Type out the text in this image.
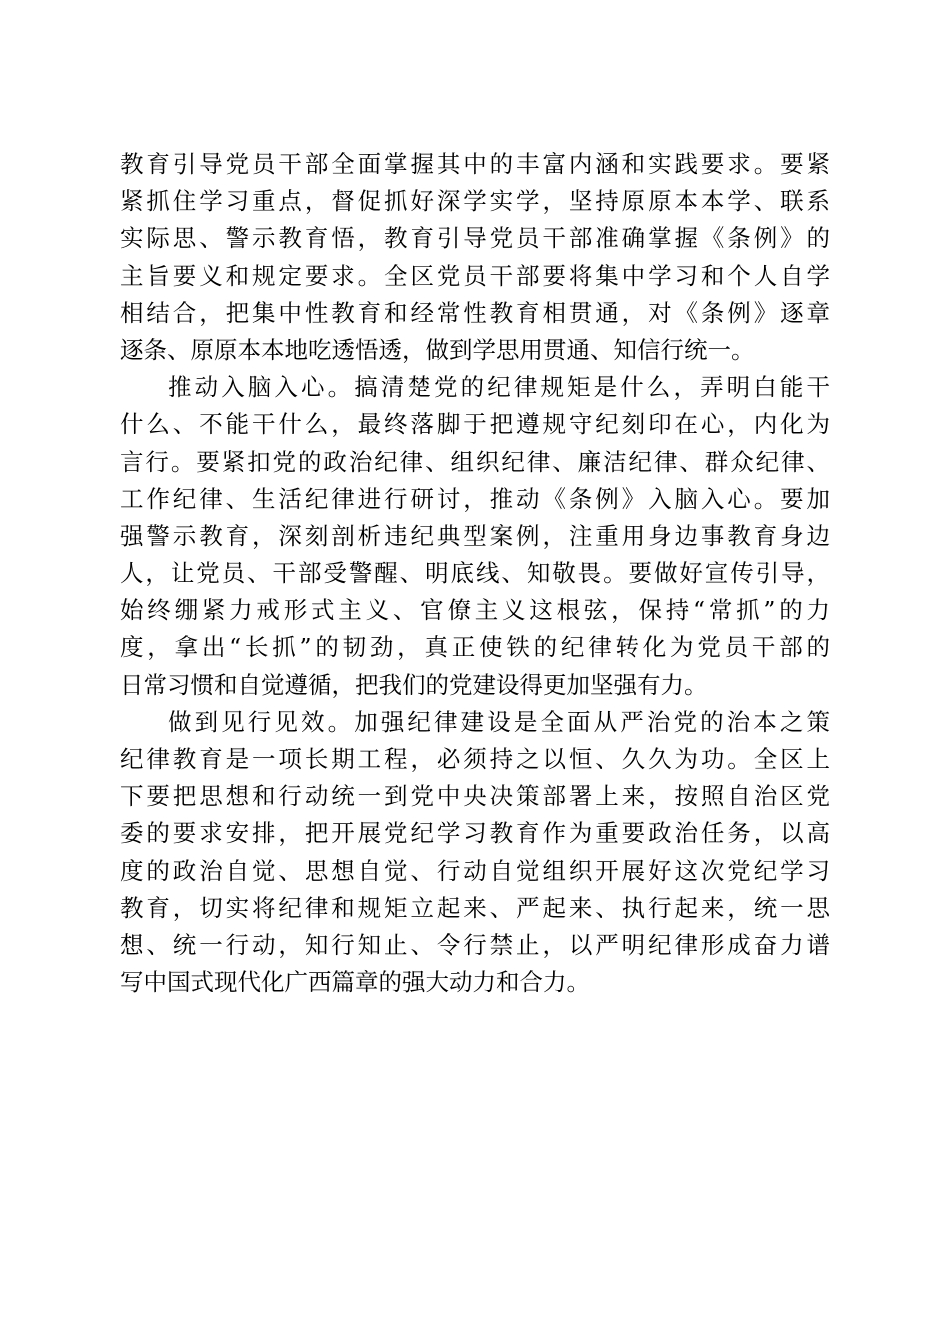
教育引导党员干部全面掌握其中的丰富内涵和实践要求。要紧
紧抓住学习重点，督促抓好深学实学，坚持原原本本学、联系
实际思、警示教育悟，教育引导党员干部准确掌握《条例》的
主旨要义和规定要求。全区党员干部要将集中学习和个人自学
相结合，把集中性教育和经常性教育相贯通，对《条例》逐章
逐条、原原本本地吃透悟透，做到学思用贯通、知信行统一。
推动入脑入心。搞清楚党的纪律规矩是什么，弄明白能干
什么、不能干什么，最终落脚于把遵规守纪刻印在心，内化为
言行。要紧扣党的政治纪律、组织纪律、廉洁纪律、群众纪律、
工作纪律、生活纪律进行研讨，推动《条例》入脑入心。要加
强警示教育，深刻剖析违纪典型案例，注重用身边事教育身边
人，让党员、干部受警醒、明底线、知敬畏。要做好宣传引导，
始终绷紧力戒形式主义、官僚主义这根弦，保持“常抓”的力
度，拿出“长抓”的韧劲，真正使铁的纪律转化为党员干部的
日常习惯和自觉遵循，把我们的党建设得更加坚强有力。
做到见行见效。加强纪律建设是全面从严治党的治本之策
纪律教育是一项长期工程，必须持之以恒、久久为功。全区上
下要把思想和行动统一到党中央决策部署上来，按照自治区党
委的要求安排，把开展党纪学习教育作为重要政治任务，以高
度的政治自觉、思想自觉、行动自觉组织开展好这次党纪学习
教育，切实将纪律和规矩立起来、严起来、执行起来，统一思
想、统一行动，知行知止、令行禁止，以严明纪律形成奋力谱
写中国式现代化广西篇章的强大动力和合力。
